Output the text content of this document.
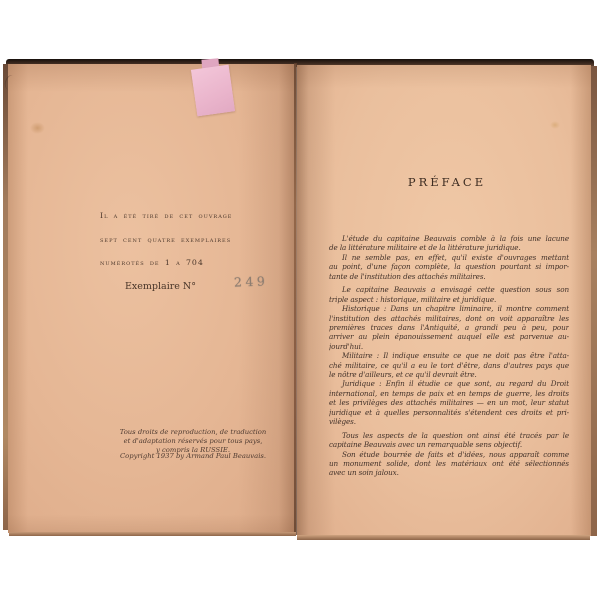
Il a été tiré de cet ouvrage
sept cent quatre exemplaires
numérotés de 1 a 704
Exemplaire N°	249
Tous droits de reproduction, de traduction
et d'adaptation réservés pour tous pays,
y compris la RUSSIE.
Copyright 1937 by Armand Paul Beauvais.
PRÉFACE
L'étude du capitaine Beauvais comble à la fois une lacune
de la littérature militaire et de la littérature juridique.
Il ne semble pas, en effet, qu'il existe d'ouvrages mettant
au point, d'une façon complète, la question pourtant si impor-
tante de l'institution des attachés militaires.
Le capitaine Beauvais a envisagé cette question sous son
triple aspect : historique, militaire et juridique.
Historique : Dans un chapitre liminaire, il montre comment
l'institution des attachés militaires, dont on voit apparaître les
premières traces dans l'Antiquité, a grandi peu à peu, pour
arriver au plein épanouissement auquel elle est parvenue au-
jourd'hui.
Militaire : Il indique ensuite ce que ne doit pas être l'atta-
ché militaire, ce qu'il a eu le tort d'être, dans d'autres pays que
le nôtre d'ailleurs, et ce qu'il devrait être.
Juridique : Enfin il étudie ce que sont, au regard du Droit
international, en temps de paix et en temps de guerre, les droits
et les privilèges des attachés militaires — en un mot, leur statut
juridique et à quelles personnalités s'étendent ces droits et pri-
vilèges.
Tous les aspects de la question ont ainsi été tracés par le
capitaine Beauvais avec un remarquable sens objectif.
Son étude bourrée de faits et d'idées, nous apparaît comme
un monument solide, dont les matériaux ont été sélectionnés
avec un soin jaloux.
